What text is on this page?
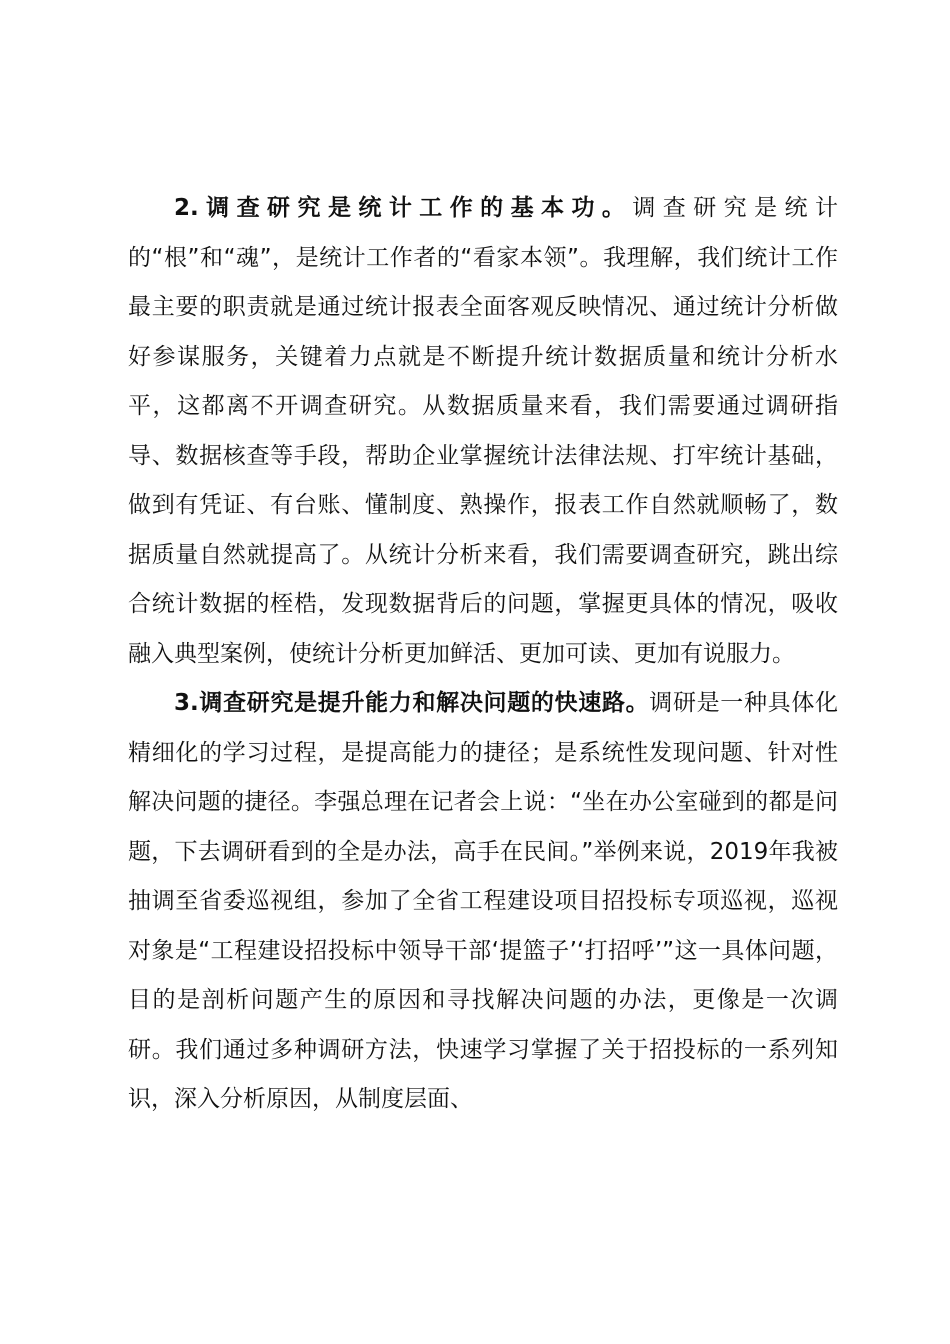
2.调查研究是统计工作的基本功。调查研究是统计的“根”和“魂”，是统计工作者的“看家本领”。我理解，我们统计工作最主要的职责就是通过统计报表全面客观反映情况、通过统计分析做好参谋服务，关键着力点就是不断提升统计数据质量和统计分析水平，这都离不开调查研究。从数据质量来看，我们需要通过调研指导、数据核查等手段，帮助企业掌握统计法律法规、打牢统计基础，做到有凭证、有台账、懂制度、熟操作，报表工作自然就顺畅了，数据质量自然就提高了。从统计分析来看，我们需要调查研究，跳出综合统计数据的桎梏，发现数据背后的问题，掌握更具体的情况，吸收融入典型案例，使统计分析更加鲜活、更加可读、更加有说服力。

3.调查研究是提升能力和解决问题的快速路。调研是一种具体化精细化的学习过程，是提高能力的捷径；是系统性发现问题、针对性解决问题的捷径。李强总理在记者会上说：“坐在办公室碰到的都是问题，下去调研看到的全是办法，高手在民间。”举例来说，2019年我被抽调至省委巡视组，参加了全省工程建设项目招投标专项巡视，巡视对象是“工程建设招投标中领导干部‘提篮子’‘打招呼’”这一具体问题，目的是剖析问题产生的原因和寻找解决问题的办法，更像是一次调研。我们通过多种调研方法，快速学习掌握了关于招投标的一系列知识，深入分析原因，从制度层面、
